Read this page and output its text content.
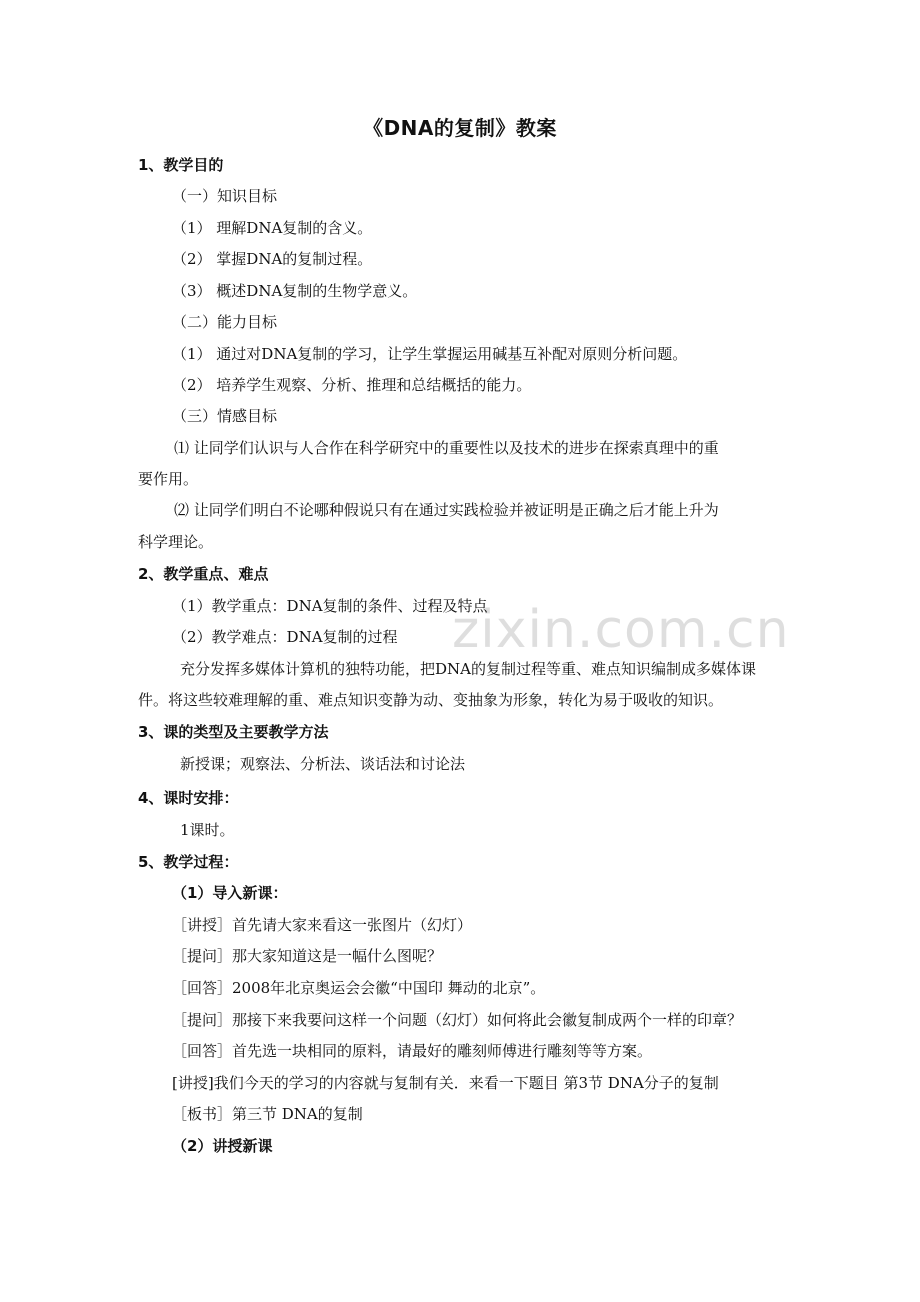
《DNA的复制》教案
zixin.com.cn
1、教学目的
（一）知识目标
（1） 理解DNA复制的含义。
（2） 掌握DNA的复制过程。
（3） 概述DNA复制的生物学意义。
（二）能力目标
（1） 通过对DNA复制的学习，让学生掌握运用碱基互补配对原则分析问题。
（2） 培养学生观察、分析、推理和总结概括的能力。
（三）情感目标
⑴ 让同学们认识与人合作在科学研究中的重要性以及技术的进步在探索真理中的重
要作用。
⑵ 让同学们明白不论哪种假说只有在通过实践检验并被证明是正确之后才能上升为
科学理论。
2、教学重点、难点
（1）教学重点：DNA复制的条件、过程及特点
（2）教学难点：DNA复制的过程
充分发挥多媒体计算机的独特功能，把DNA的复制过程等重、难点知识编制成多媒体课
件。将这些较难理解的重、难点知识变静为动、变抽象为形象，转化为易于吸收的知识。
3、课的类型及主要教学方法
新授课；观察法、分析法、谈话法和讨论法
4、课时安排：
1课时。
5、教学过程：
（1）导入新课：
［讲授］首先请大家来看这一张图片（幻灯）
［提问］那大家知道这是一幅什么图呢？
［回答］2008年北京奥运会会徽“中国印 舞动的北京”。
［提问］那接下来我要问这样一个问题（幻灯）如何将此会徽复制成两个一样的印章？
［回答］首先选一块相同的原料，请最好的雕刻师傅进行雕刻等等方案。
[讲授]我们今天的学习的内容就与复制有关．来看一下题目 第3节 DNA分子的复制
［板书］第三节 DNA的复制
（2）讲授新课
